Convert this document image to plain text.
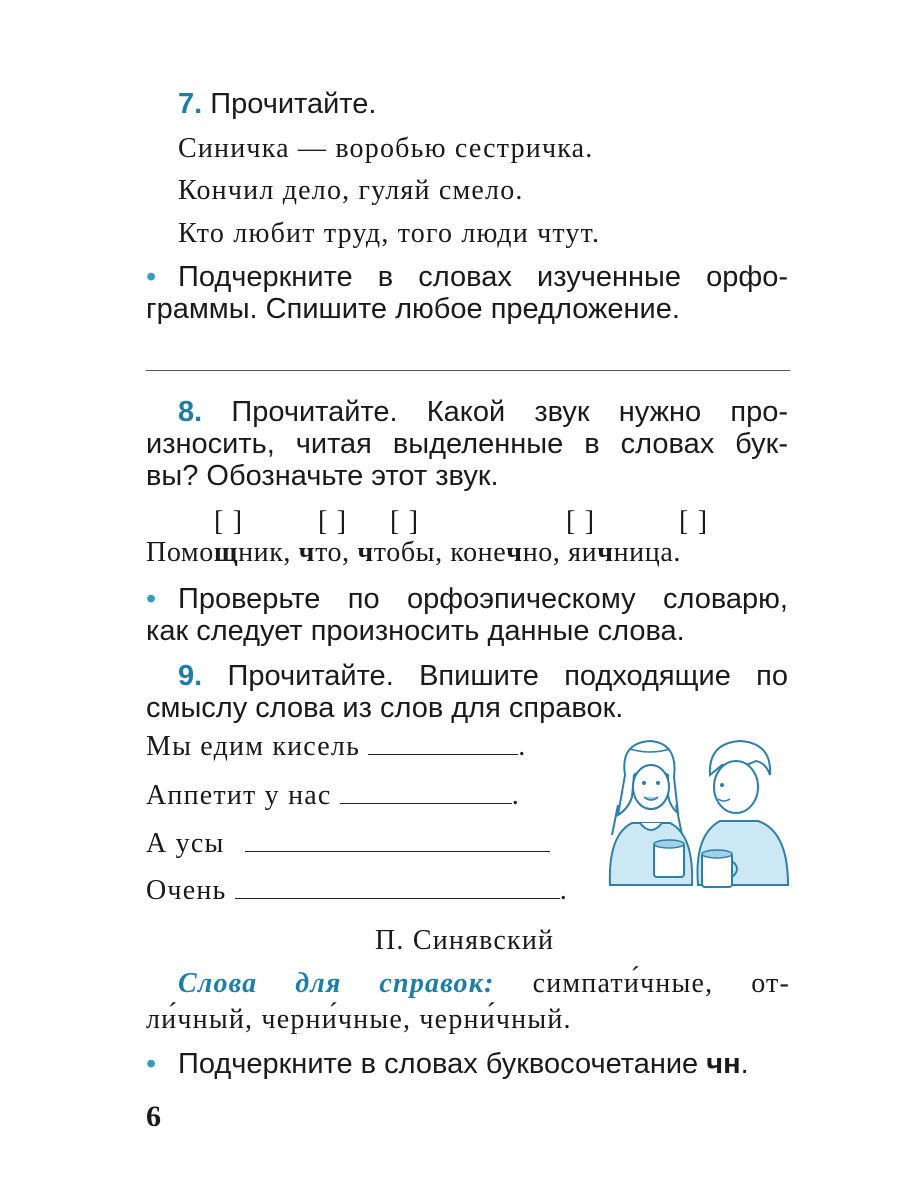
7. Прочитайте.
Синичка — воробью сестричка.
Кончил дело, гуляй смело.
Кто любит труд, того люди чтут.
• Подчеркните в словах изученные орфо-
граммы. Спишите любое предложение.
8. Прочитайте. Какой звук нужно про-
износить, читая выделенные в словах бук-
вы? Обозначьте этот звук.
[ ]	[ ] [ ]	[ ]	[ ]
Помощник, что, чтобы, конечно, яичница.
• Проверьте по орфоэпическому словарю,
как следует произносить данные слова.
9. Прочитайте. Впишите подходящие по
смыслу слова из слов для справок.
Мы едим кисель	.
Аппетит у нас	.
А усы
Очень	.
П. Синявский
Слова для справок: симпати́чные, от-
ли́чный, черни́чные, черни́чный.
• Подчеркните в словах буквосочетание чн.
6
